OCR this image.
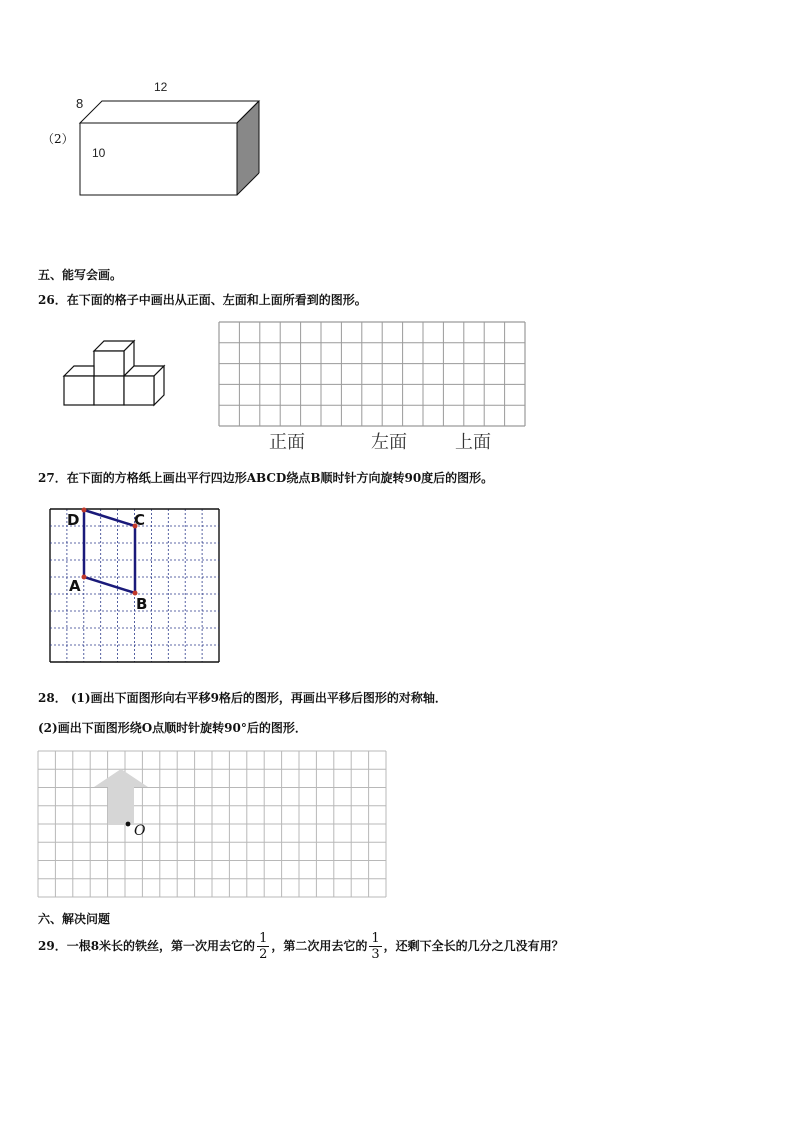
12
8
（2）
10
五、能写会画。
26．在下面的格子中画出从正面、左面和上面所看到的图形。
正面	左面	上面
27．在下面的方格纸上画出平行四边形ABCD绕点B顺时针方向旋转90度后的图形。
D	C
A
B
28． (1)画出下面图形向右平移9格后的图形，再画出平移后图形的对称轴．
(2)画出下面图形绕O点顺时针旋转90°后的图形．
O
六、解决问题
29．一根8米长的铁丝，第一次用去它的 $\frac{1}{2}$ ，第二次用去它的 $\frac{1}{3}$ ，还剩下全长的几分之几没有用？
